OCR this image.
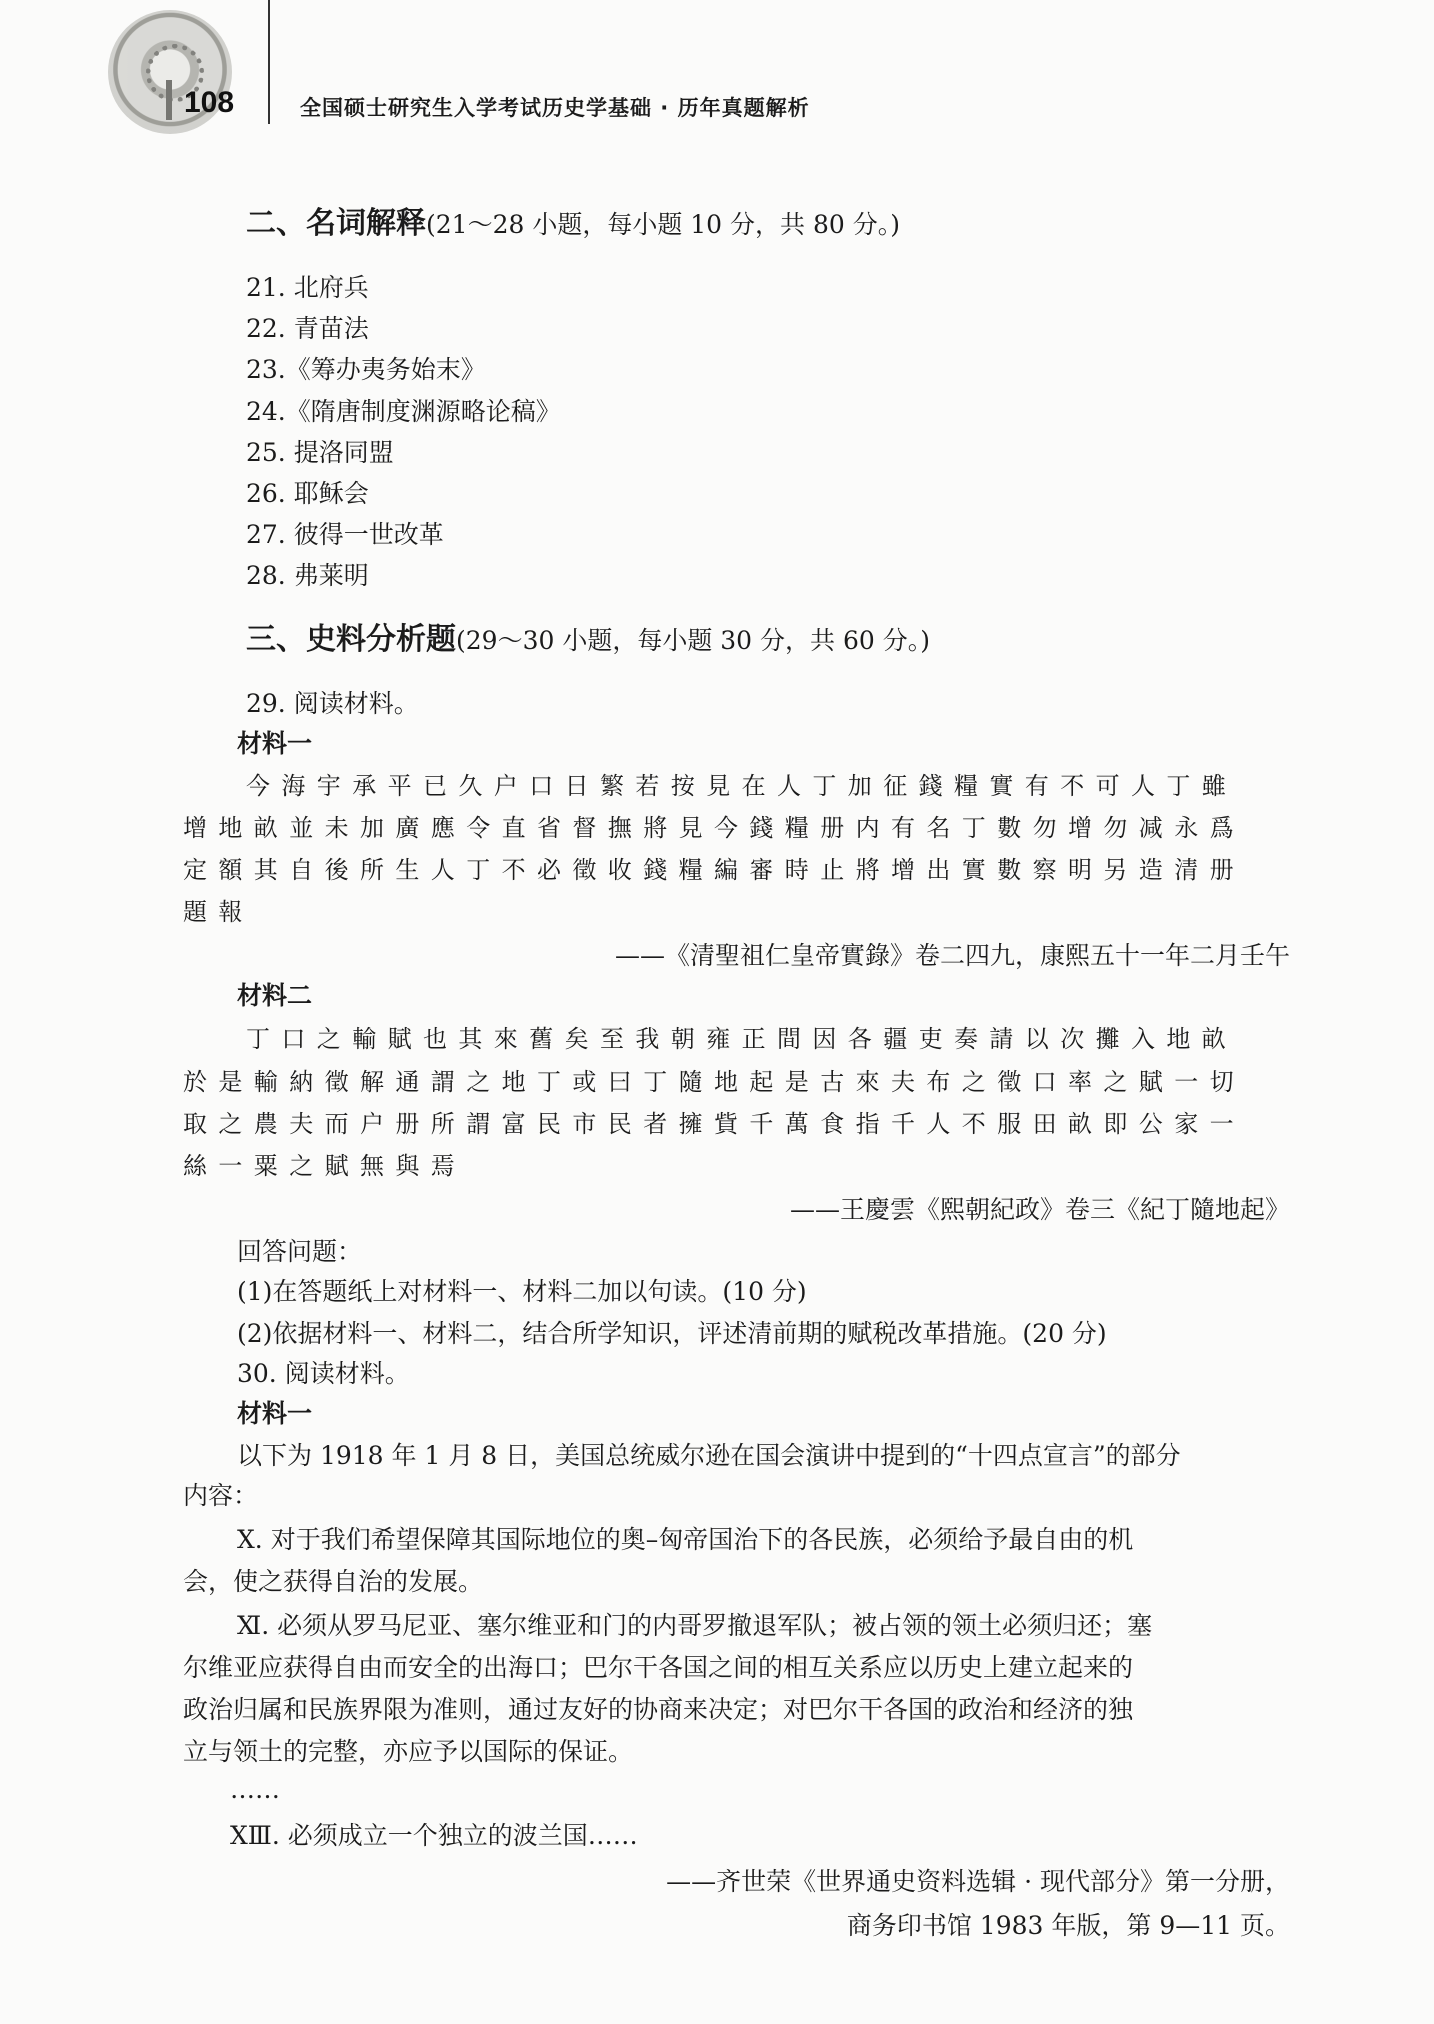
108	全国硕士研究生入学考试历史学基础 · 历年真题解析
二、名词解释(21～28 小题，每小题 10 分，共 80 分。)
21. 北府兵
22. 青苗法
23.《筹办夷务始末》
24.《隋唐制度渊源略论稿》
25. 提洛同盟
26. 耶稣会
27. 彼得一世改革
28. 弗莱明
三、史料分析题(29～30 小题，每小题 30 分，共 60 分。)
29. 阅读材料。
材料一
今海宇承平已久户口日繁若按見在人丁加征錢糧實有不可人丁雖
增地畝並未加廣應令直省督撫將見今錢糧册内有名丁數勿增勿减永爲
定額其自後所生人丁不必徵收錢糧編審時止將增出實數察明另造清册
題報
——《清聖祖仁皇帝實錄》卷二四九，康熙五十一年二月壬午
材料二
丁口之輸賦也其來舊矣至我朝雍正間因各疆吏奏請以次攤入地畝
於是輸納徵解通謂之地丁或曰丁隨地起是古來夫布之徵口率之賦一切
取之農夫而户册所謂富民市民者擁貲千萬食指千人不服田畝即公家一
絲一粟之賦無與焉
——王慶雲《熙朝紀政》卷三《紀丁隨地起》
回答问题：
(1)在答题纸上对材料一、材料二加以句读。(10 分)
(2)依据材料一、材料二，结合所学知识，评述清前期的赋税改革措施。(20 分)
30. 阅读材料。
材料一
以下为 1918 年 1 月 8 日，美国总统威尔逊在国会演讲中提到的“十四点宣言”的部分
内容：
Ⅹ. 对于我们希望保障其国际地位的奥–匈帝国治下的各民族，必须给予最自由的机
会，使之获得自治的发展。
Ⅺ. 必须从罗马尼亚、塞尔维亚和门的内哥罗撤退军队；被占领的领土必须归还；塞
尔维亚应获得自由而安全的出海口；巴尔干各国之间的相互关系应以历史上建立起来的
政治归属和民族界限为准则，通过友好的协商来决定；对巴尔干各国的政治和经济的独
立与领土的完整，亦应予以国际的保证。
……
ⅩⅢ. 必须成立一个独立的波兰国……
——齐世荣《世界通史资料选辑 · 现代部分》第一分册，
商务印书馆 1983 年版，第 9—11 页。
